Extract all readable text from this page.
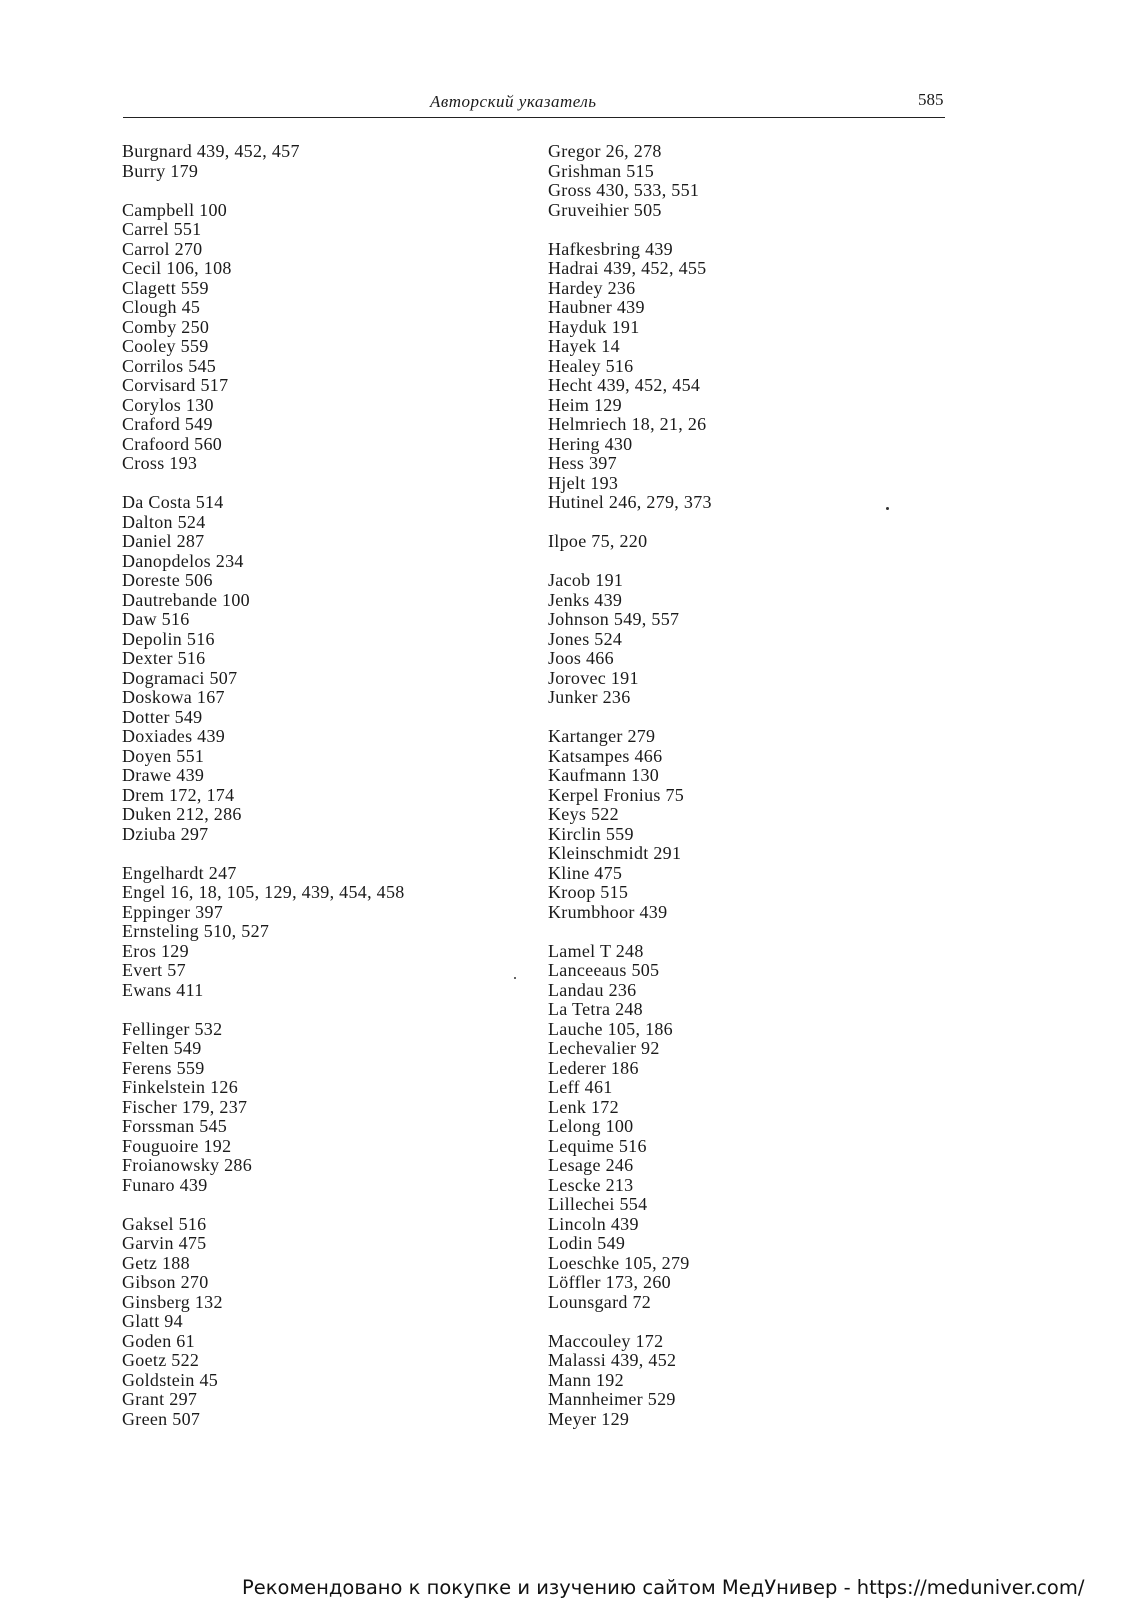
Авторский указатель	585
Burgnard 439, 452, 457
Burry 179
Campbell 100
Carrel 551
Carrol 270
Cecil 106, 108
Clagett 559
Clough 45
Comby 250
Cooley 559
Corrilos 545
Corvisard 517
Corylos 130
Craford 549
Crafoord 560
Cross 193
Da Costa 514
Dalton 524
Daniel 287
Danopdelos 234
Doreste 506
Dautrebande 100
Daw 516
Depolin 516
Dexter 516
Dogramaci 507
Doskowa 167
Dotter 549
Doxiades 439
Doyen 551
Drawe 439
Drem 172, 174
Duken 212, 286
Dziuba 297
Engelhardt 247
Engel 16, 18, 105, 129, 439, 454, 458
Eppinger 397
Ernsteling 510, 527
Eros 129
Evert 57
Ewans 411
Fellinger 532
Felten 549
Ferens 559
Finkelstein 126
Fischer 179, 237
Forssman 545
Fouguoire 192
Froianowsky 286
Funaro 439
Gaksel 516
Garvin 475
Getz 188
Gibson 270
Ginsberg 132
Glatt 94
Goden 61
Goetz 522
Goldstein 45
Grant 297
Green 507
Gregor 26, 278
Grishman 515
Gross 430, 533, 551
Gruveihier 505
Hafkesbring 439
Hadrai 439, 452, 455
Hardey 236
Haubner 439
Hayduk 191
Hayek 14
Healey 516
Hecht 439, 452, 454
Heim 129
Helmriech 18, 21, 26
Hering 430
Hess 397
Hjelt 193
Hutinel 246, 279, 373
Ilpoe 75, 220
Jacob 191
Jenks 439
Johnson 549, 557
Jones 524
Joos 466
Jorovec 191
Junker 236
Kartanger 279
Katsampes 466
Kaufmann 130
Kerpel Fronius 75
Keys 522
Kirclin 559
Kleinschmidt 291
Kline 475
Kroop 515
Krumbhoor 439
Lamel T 248
Lanceeaus 505
Landau 236
La Tetra 248
Lauche 105, 186
Lechevalier 92
Lederer 186
Leff 461
Lenk 172
Lelong 100
Lequime 516
Lesage 246
Lescke 213
Lillechei 554
Lincoln 439
Lodin 549
Loeschke 105, 279
Löffler 173, 260
Lounsgard 72
Maccouley 172
Malassi 439, 452
Mann 192
Mannheimer 529
Meyer 129
Рекомендовано к покупке и изучению сайтом МедУнивер - https://meduniver.com/
